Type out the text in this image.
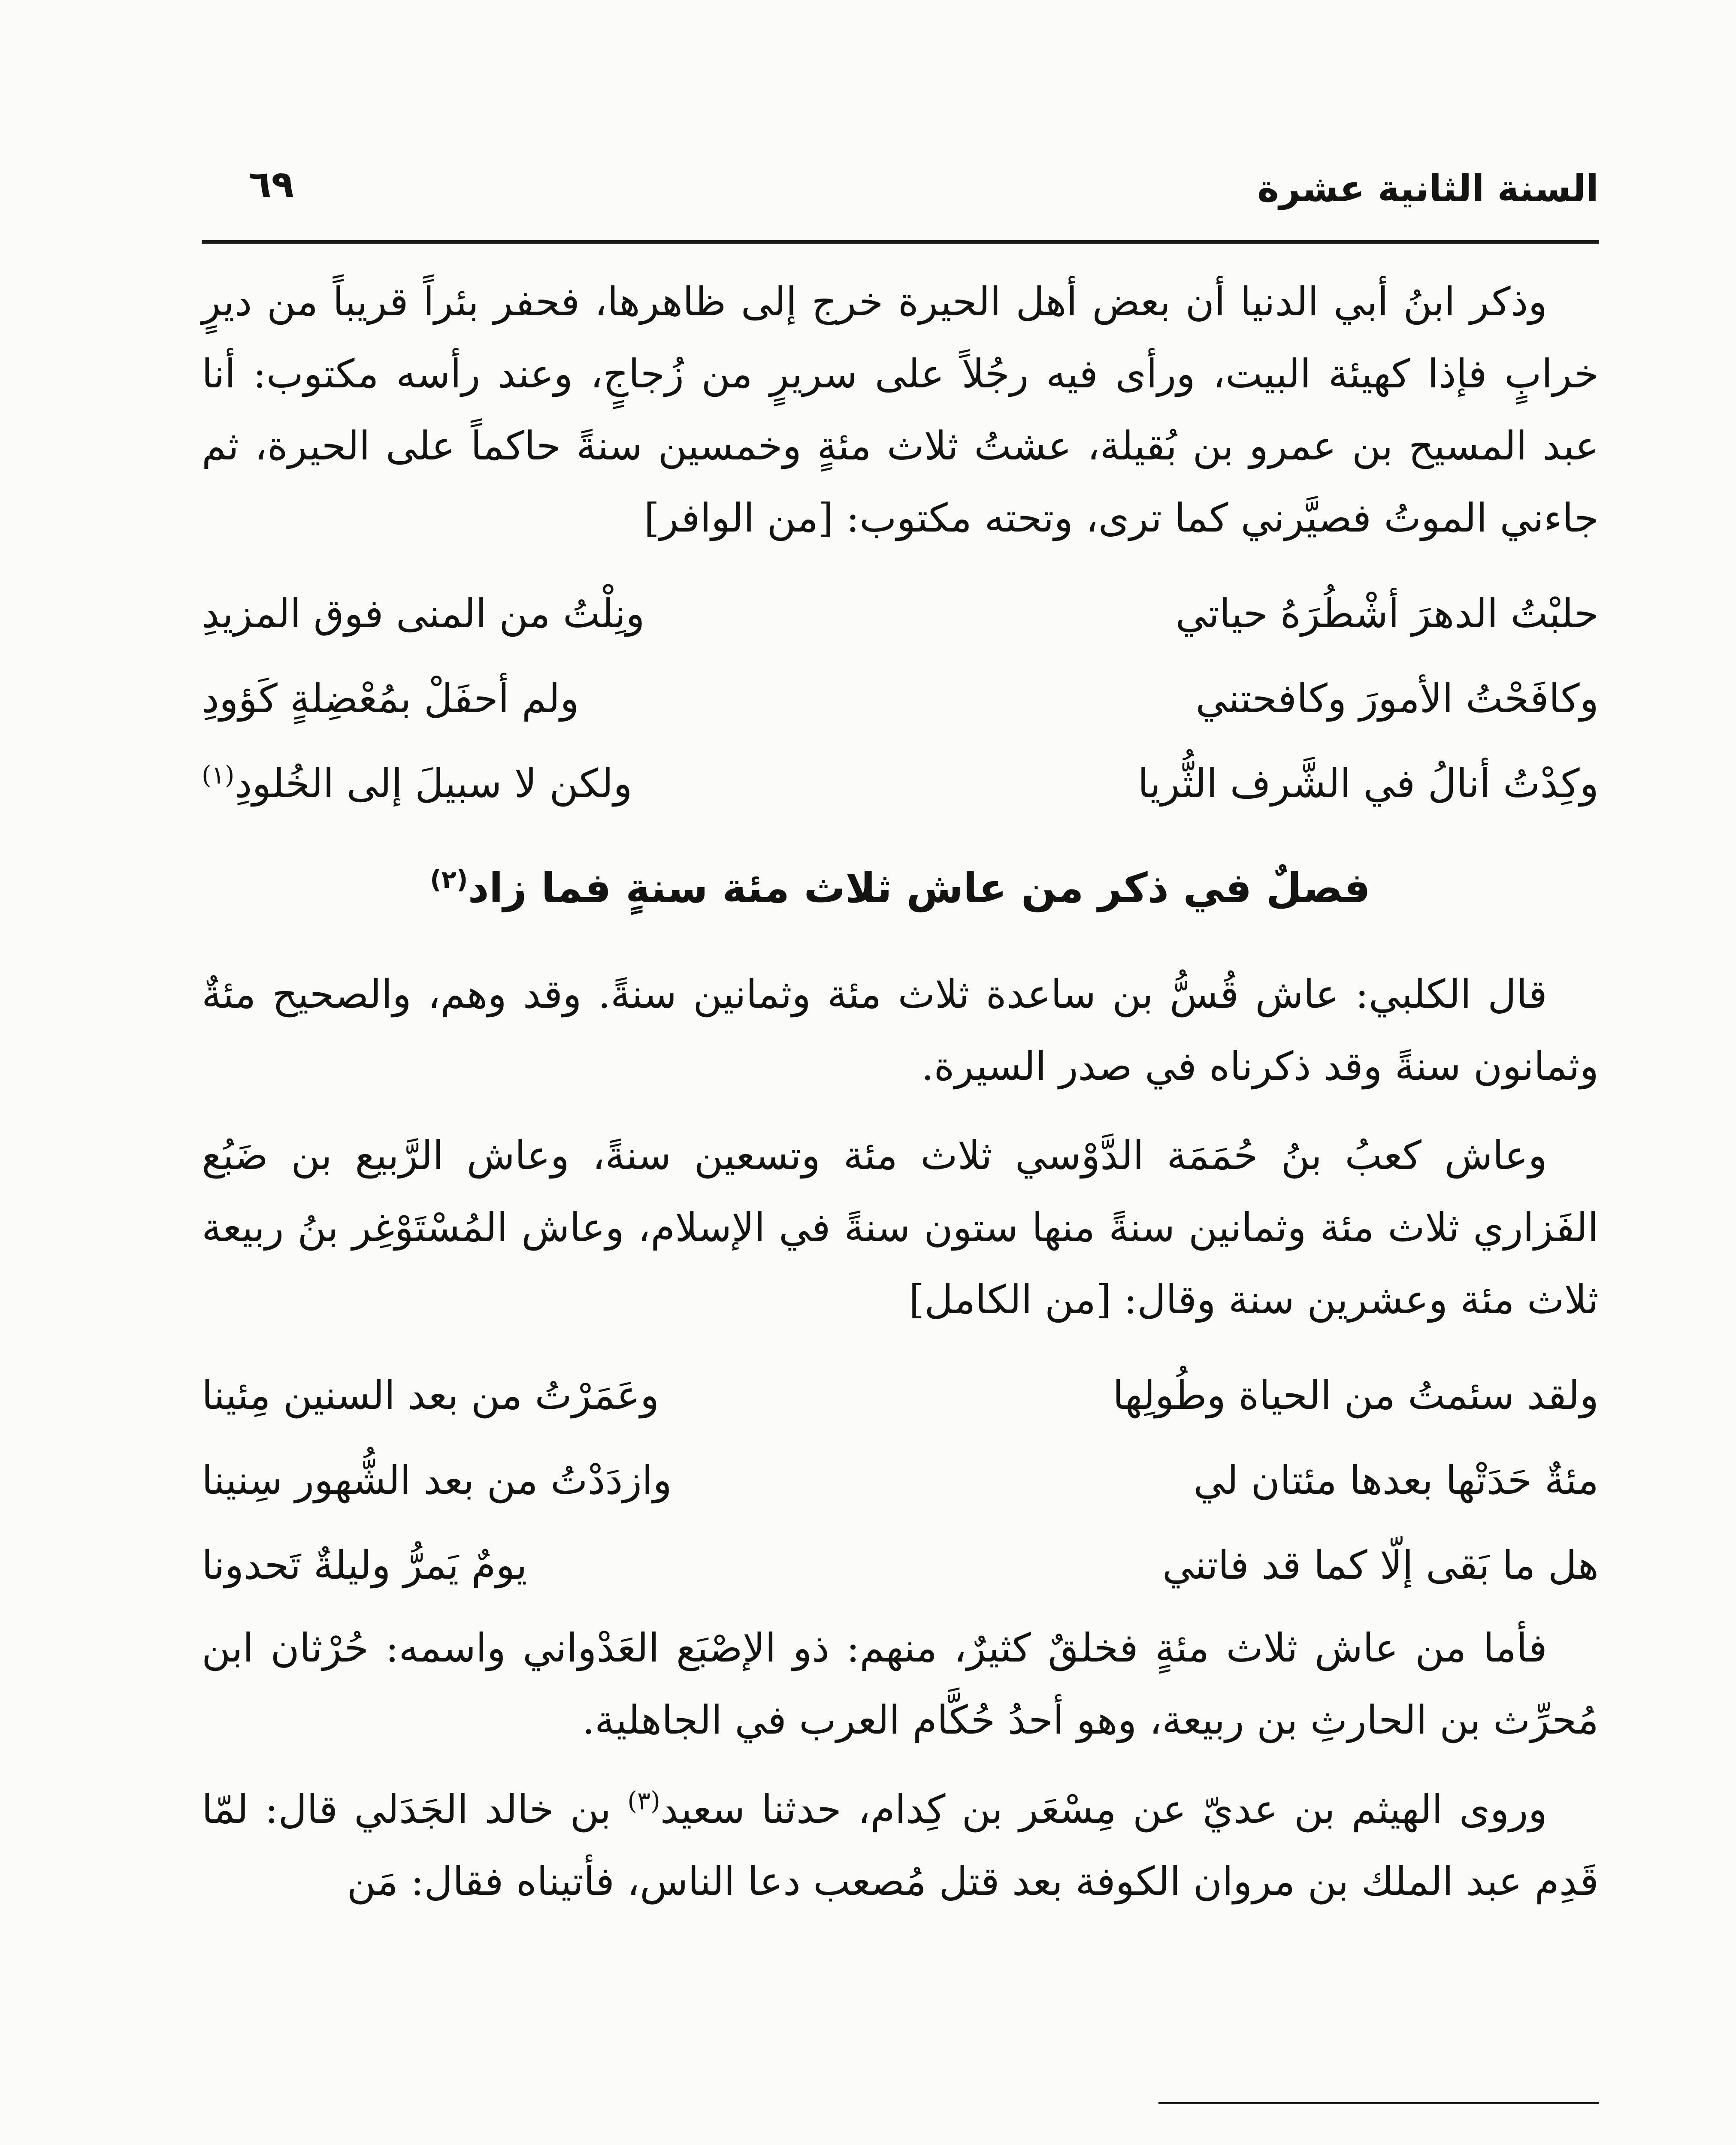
السنة الثانية عشرة
٦٩

وذكر ابنُ أبي الدنيا أن بعض أهل الحيرة خرج إلى ظاهرها، فحفر بئراً قريباً من ديرٍ خرابٍ فإذا كهيئة البيت، ورأى فيه رجُلاً على سريرٍ من زُجاجٍ، وعند رأسه مكتوب: أنا عبد المسيح بن عمرو بن بُقيلة، عشتُ ثلاث مئةٍ وخمسين سنةً حاكماً على الحيرة، ثم جاءني الموتُ فصيَّرني كما ترى، وتحته مكتوب: [من الوافر]

حلبْتُ الدهرَ أشْطُرَهُ حياتي
ونِلْتُ من المنى فوق المزيدِ
وكافَحْتُ الأمورَ وكافحتني
ولم أحفَلْ بمُعْضِلةٍ كَؤودِ
وكِدْتُ أنالُ في الشَّرف الثُّريا
ولكن لا سبيلَ إلى الخُلودِ$^{(١)}$
فصلٌ في ذكر من عاش ثلاث مئة سنةٍ فما زاد$^{(٢)}$

قال الكلبي: عاش قُسُّ بن ساعدة ثلاث مئة وثمانين سنةً. وقد وهم، والصحيح مئةٌ وثمانون سنةً وقد ذكرناه في صدر السيرة.

وعاش كعبُ بنُ حُمَمَة الدَّوْسي ثلاث مئة وتسعين سنةً، وعاش الرَّبيع بن ضَبُع الفَزاري ثلاث مئة وثمانين سنةً منها ستون سنةً في الإسلام، وعاش المُسْتَوْغِر بنُ ربيعة ثلاث مئة وعشرين سنة وقال: [من الكامل]

ولقد سئمتُ من الحياة وطُولِها
وعَمَرْتُ من بعد السنين مِئينا
مئةٌ حَدَتْها بعدها مئتان لي
وازدَدْتُ من بعد الشُّهور سِنينا
هل ما بَقى إلّا كما قد فاتني
يومٌ يَمرُّ وليلةٌ تَحدونا

فأما من عاش ثلاث مئةٍ فخلقٌ كثيرٌ، منهم: ذو الإصْبَع العَدْواني واسمه: حُرْثان ابن مُحرِّث بن الحارثِ بن ربيعة، وهو أحدُ حُكَّام العرب في الجاهلية.

وروى الهيثم بن عديّ عن مِسْعَر بن كِدام، حدثنا سعيد$^{(٣)}$ بن خالد الجَدَلي قال: لمّا قَدِم عبد الملك بن مروان الكوفة بعد قتل مُصعب دعا الناس، فأتيناه فقال: مَن
